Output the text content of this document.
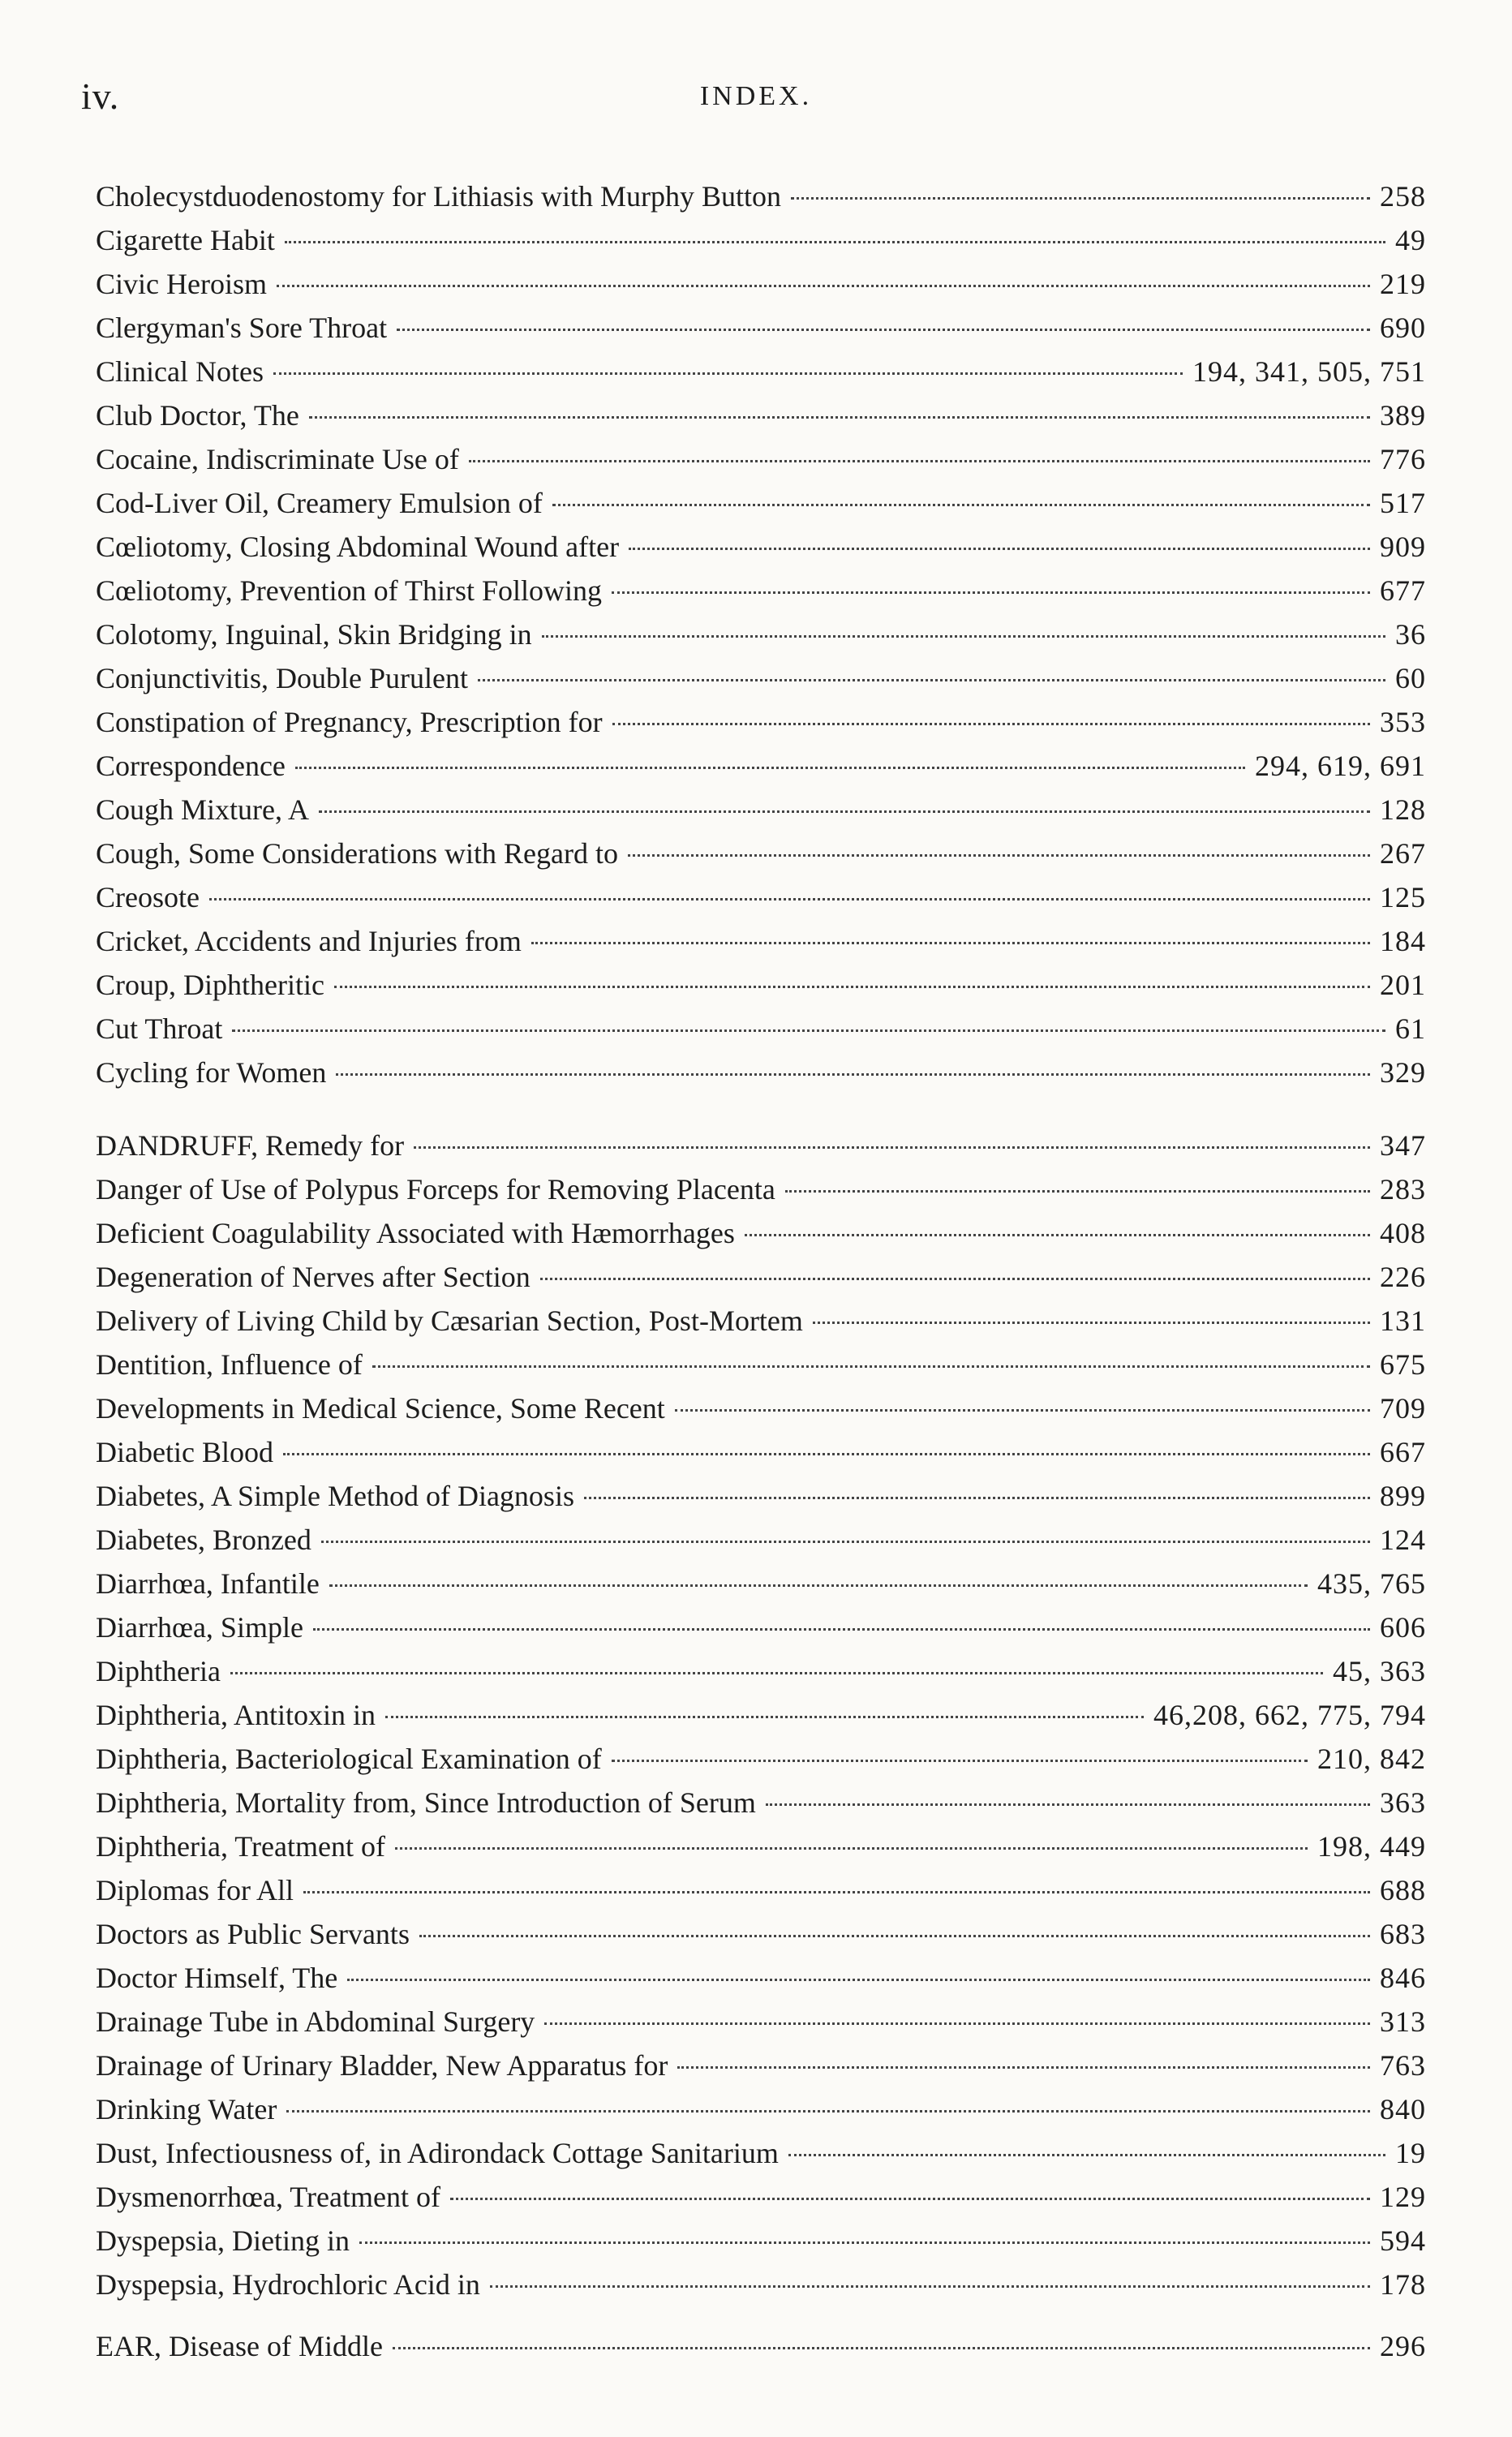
iv.	INDEX.
Cholecystduodenostomy for Lithiasis with Murphy Button	258
Cigarette Habit	49
Civic Heroism	219
Clergyman's Sore Throat	690
Clinical Notes	194, 341, 505, 751
Club Doctor, The	389
Cocaine, Indiscriminate Use of	776
Cod-Liver Oil, Creamery Emulsion of	517
Cœliotomy, Closing Abdominal Wound after	909
Cœliotomy, Prevention of Thirst Following	677
Colotomy, Inguinal, Skin Bridging in	36
Conjunctivitis, Double Purulent	60
Constipation of Pregnancy, Prescription for	353
Correspondence	294, 619, 691
Cough Mixture, A	128
Cough, Some Considerations with Regard to	267
Creosote	125
Cricket, Accidents and Injuries from	184
Croup, Diphtheritic	201
Cut Throat	61
Cycling for Women	329
DANDRUFF, Remedy for	347
Danger of Use of Polypus Forceps for Removing Placenta	283
Deficient Coagulability Associated with Hæmorrhages	408
Degeneration of Nerves after Section	226
Delivery of Living Child by Cæsarian Section, Post-Mortem	131
Dentition, Influence of	675
Developments in Medical Science, Some Recent	709
Diabetic Blood	667
Diabetes, A Simple Method of Diagnosis	899
Diabetes, Bronzed	124
Diarrhœa, Infantile	435, 765
Diarrhœa, Simple	606
Diphtheria	45, 363
Diphtheria, Antitoxin in	46,208, 662, 775, 794
Diphtheria, Bacteriological Examination of	210, 842
Diphtheria, Mortality from, Since Introduction of Serum	363
Diphtheria, Treatment of	198, 449
Diplomas for All	688
Doctors as Public Servants	683
Doctor Himself, The	846
Drainage Tube in Abdominal Surgery	313
Drainage of Urinary Bladder, New Apparatus for	763
Drinking Water	840
Dust, Infectiousness of, in Adirondack Cottage Sanitarium	19
Dysmenorrhœa, Treatment of	129
Dyspepsia, Dieting in	594
Dyspepsia, Hydrochloric Acid in	178
EAR, Disease of Middle	296
